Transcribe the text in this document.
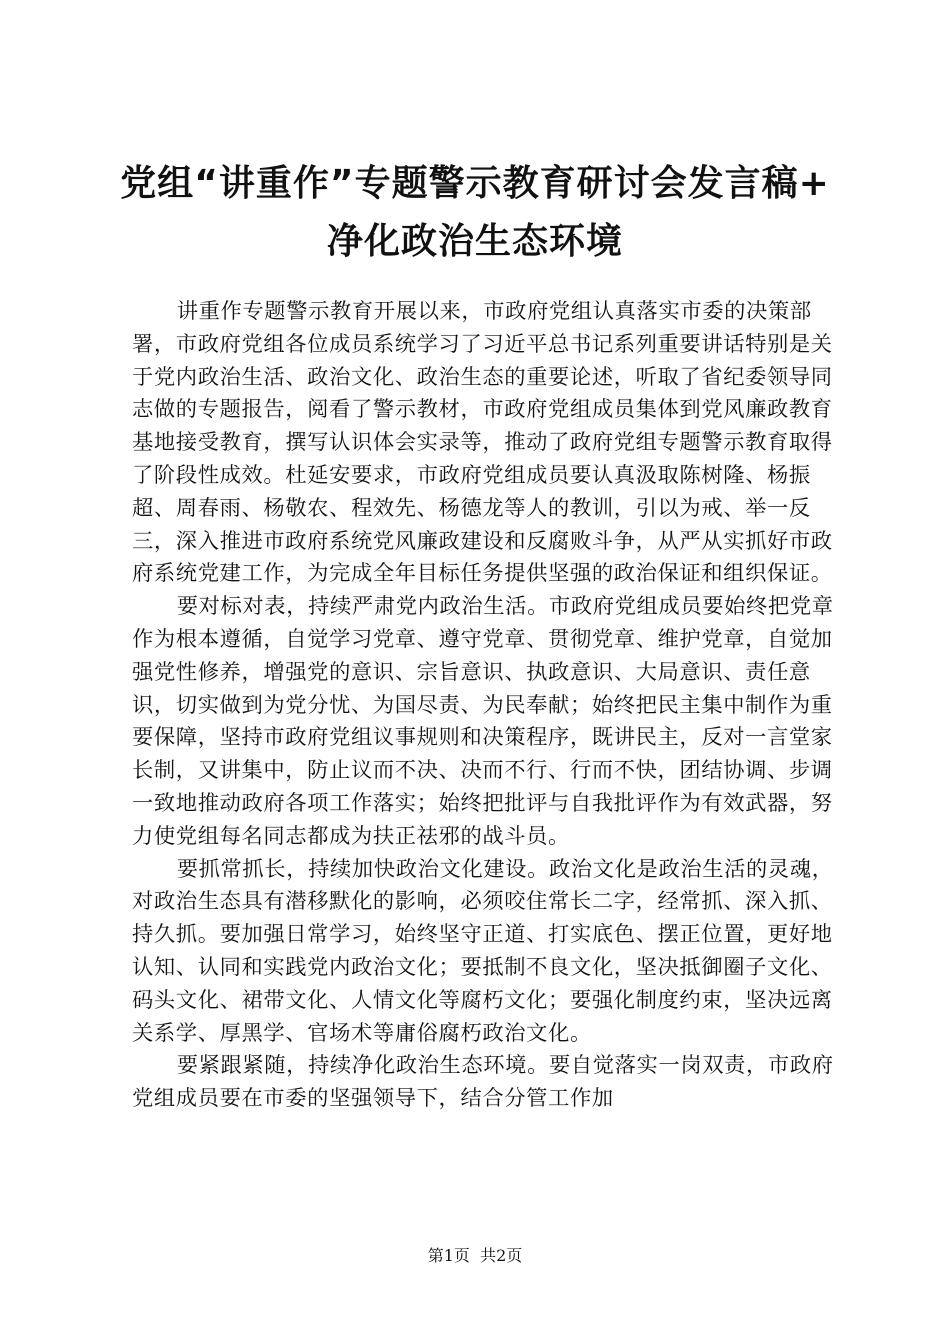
党组“讲重作”专题警示教育研讨会发言稿+
净化政治生态环境

讲重作专题警示教育开展以来，市政府党组认真落实市委的决策部署，市政府党组各位成员系统学习了习近平总书记系列重要讲话特别是关于党内政治生活、政治文化、政治生态的重要论述，听取了省纪委领导同志做的专题报告，阅看了警示教材，市政府党组成员集体到党风廉政教育基地接受教育，撰写认识体会实录等，推动了政府党组专题警示教育取得了阶段性成效。杜延安要求，市政府党组成员要认真汲取陈树隆、杨振超、周春雨、杨敬农、程效先、杨德龙等人的教训，引以为戒、举一反三，深入推进市政府系统党风廉政建设和反腐败斗争，从严从实抓好市政府系统党建工作，为完成全年目标任务提供坚强的政治保证和组织保证。

要对标对表，持续严肃党内政治生活。市政府党组成员要始终把党章作为根本遵循，自觉学习党章、遵守党章、贯彻党章、维护党章，自觉加强党性修养，增强党的意识、宗旨意识、执政意识、大局意识、责任意识，切实做到为党分忧、为国尽责、为民奉献；始终把民主集中制作为重要保障，坚持市政府党组议事规则和决策程序，既讲民主，反对一言堂家长制，又讲集中，防止议而不决、决而不行、行而不快，团结协调、步调一致地推动政府各项工作落实；始终把批评与自我批评作为有效武器，努力使党组每名同志都成为扶正祛邪的战斗员。

要抓常抓长，持续加快政治文化建设。政治文化是政治生活的灵魂，对政治生态具有潜移默化的影响，必须咬住常长二字，经常抓、深入抓、持久抓。要加强日常学习，始终坚守正道、打实底色、摆正位置，更好地认知、认同和实践党内政治文化；要抵制不良文化，坚决抵御圈子文化、码头文化、裙带文化、人情文化等腐朽文化；要强化制度约束，坚决远离关系学、厚黑学、官场术等庸俗腐朽政治文化。

要紧跟紧随，持续净化政治生态环境。要自觉落实一岗双责，市政府党组成员要在市委的坚强领导下，结合分管工作加

第1页  共2页
